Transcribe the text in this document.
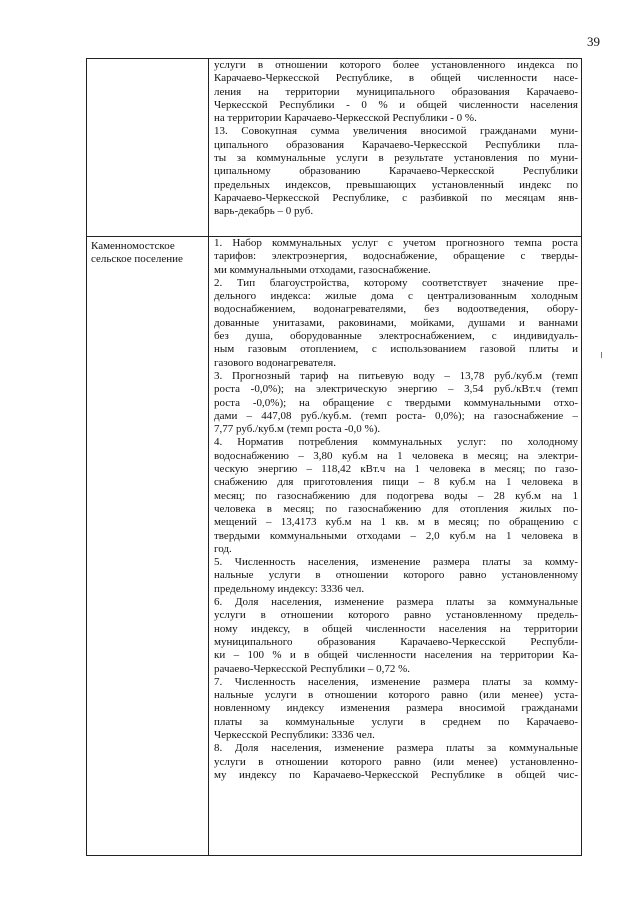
39
услуги в отношении которого более установленного индекса по
Карачаево-Черкесской Республике, в общей численности насе-
ления на территории муниципального образования Карачаево-
Черкесской Республики - 0 % и общей численности населения
на территории Карачаево-Черкесской Республики - 0 %.
13. Совокупная сумма увеличения вносимой гражданами муни-
ципального образования Карачаево-Черкесской Республики пла-
ты за коммунальные услуги в результате установления по муни-
ципальному образованию Карачаево-Черкесской Республики
предельных индексов, превышающих установленный индекс по
Карачаево-Черкесской Республике, с разбивкой по месяцам янв-
варь-декабрь – 0 руб.
Каменномостское
сельское поселение
1. Набор коммунальных услуг с учетом прогнозного темпа роста
тарифов: электроэнергия, водоснабжение, обращение с тверды-
ми коммунальными отходами, газоснабжение.
2. Тип благоустройства, которому соответствует значение пре-
дельного индекса: жилые дома с централизованным холодным
водоснабжением, водонагревателями, без водоотведения, обору-
дованные унитазами, раковинами, мойками, душами и ваннами
без душа, оборудованные электроснабжением, с индивидуаль-
ным газовым отоплением, с использованием газовой плиты и
газового водонагревателя.
3. Прогнозный тариф на питьевую воду – 13,78 руб./куб.м (темп
роста -0,0%); на электрическую энергию – 3,54 руб./кВт.ч (темп
роста -0,0%); на обращение с твердыми коммунальными отхо-
дами – 447,08 руб./куб.м. (темп роста- 0,0%); на газоснабжение –
7,77 руб./куб.м (темп роста -0,0 %).
4. Норматив потребления коммунальных услуг: по холодному
водоснабжению – 3,80 куб.м на 1 человека в месяц; на электри-
ческую энергию – 118,42 кВт.ч на 1 человека в месяц; по газо-
снабжению для приготовления пищи – 8 куб.м на 1 человека в
месяц; по газоснабжению для подогрева воды – 28 куб.м на 1
человека в месяц; по газоснабжению для отопления жилых по-
мещений – 13,4173 куб.м на 1 кв. м в месяц; по обращению с
твердыми коммунальными отходами – 2,0 куб.м на 1 человека в
год.
5. Численность населения, изменение размера платы за комму-
нальные услуги в отношении которого равно установленному
предельному индексу: 3336 чел.
6. Доля населения, изменение размера платы за коммунальные
услуги в отношении которого равно установленному предель-
ному индексу, в общей численности населения на территории
муниципального образования Карачаево-Черкесской Республи-
ки – 100 % и в общей численности населения на территории Ка-
рачаево-Черкесской Республики – 0,72 %.
7. Численность населения, изменение размера платы за комму-
нальные услуги в отношении которого равно (или менее) уста-
новленному индексу изменения размера вносимой гражданами
платы за коммунальные услуги в среднем по Карачаево-
Черкесской Республики: 3336 чел.
8. Доля населения, изменение размера платы за коммунальные
услуги в отношении которого равно (или менее) установленно-
му индексу по Карачаево-Черкесской Республике в общей чис-
